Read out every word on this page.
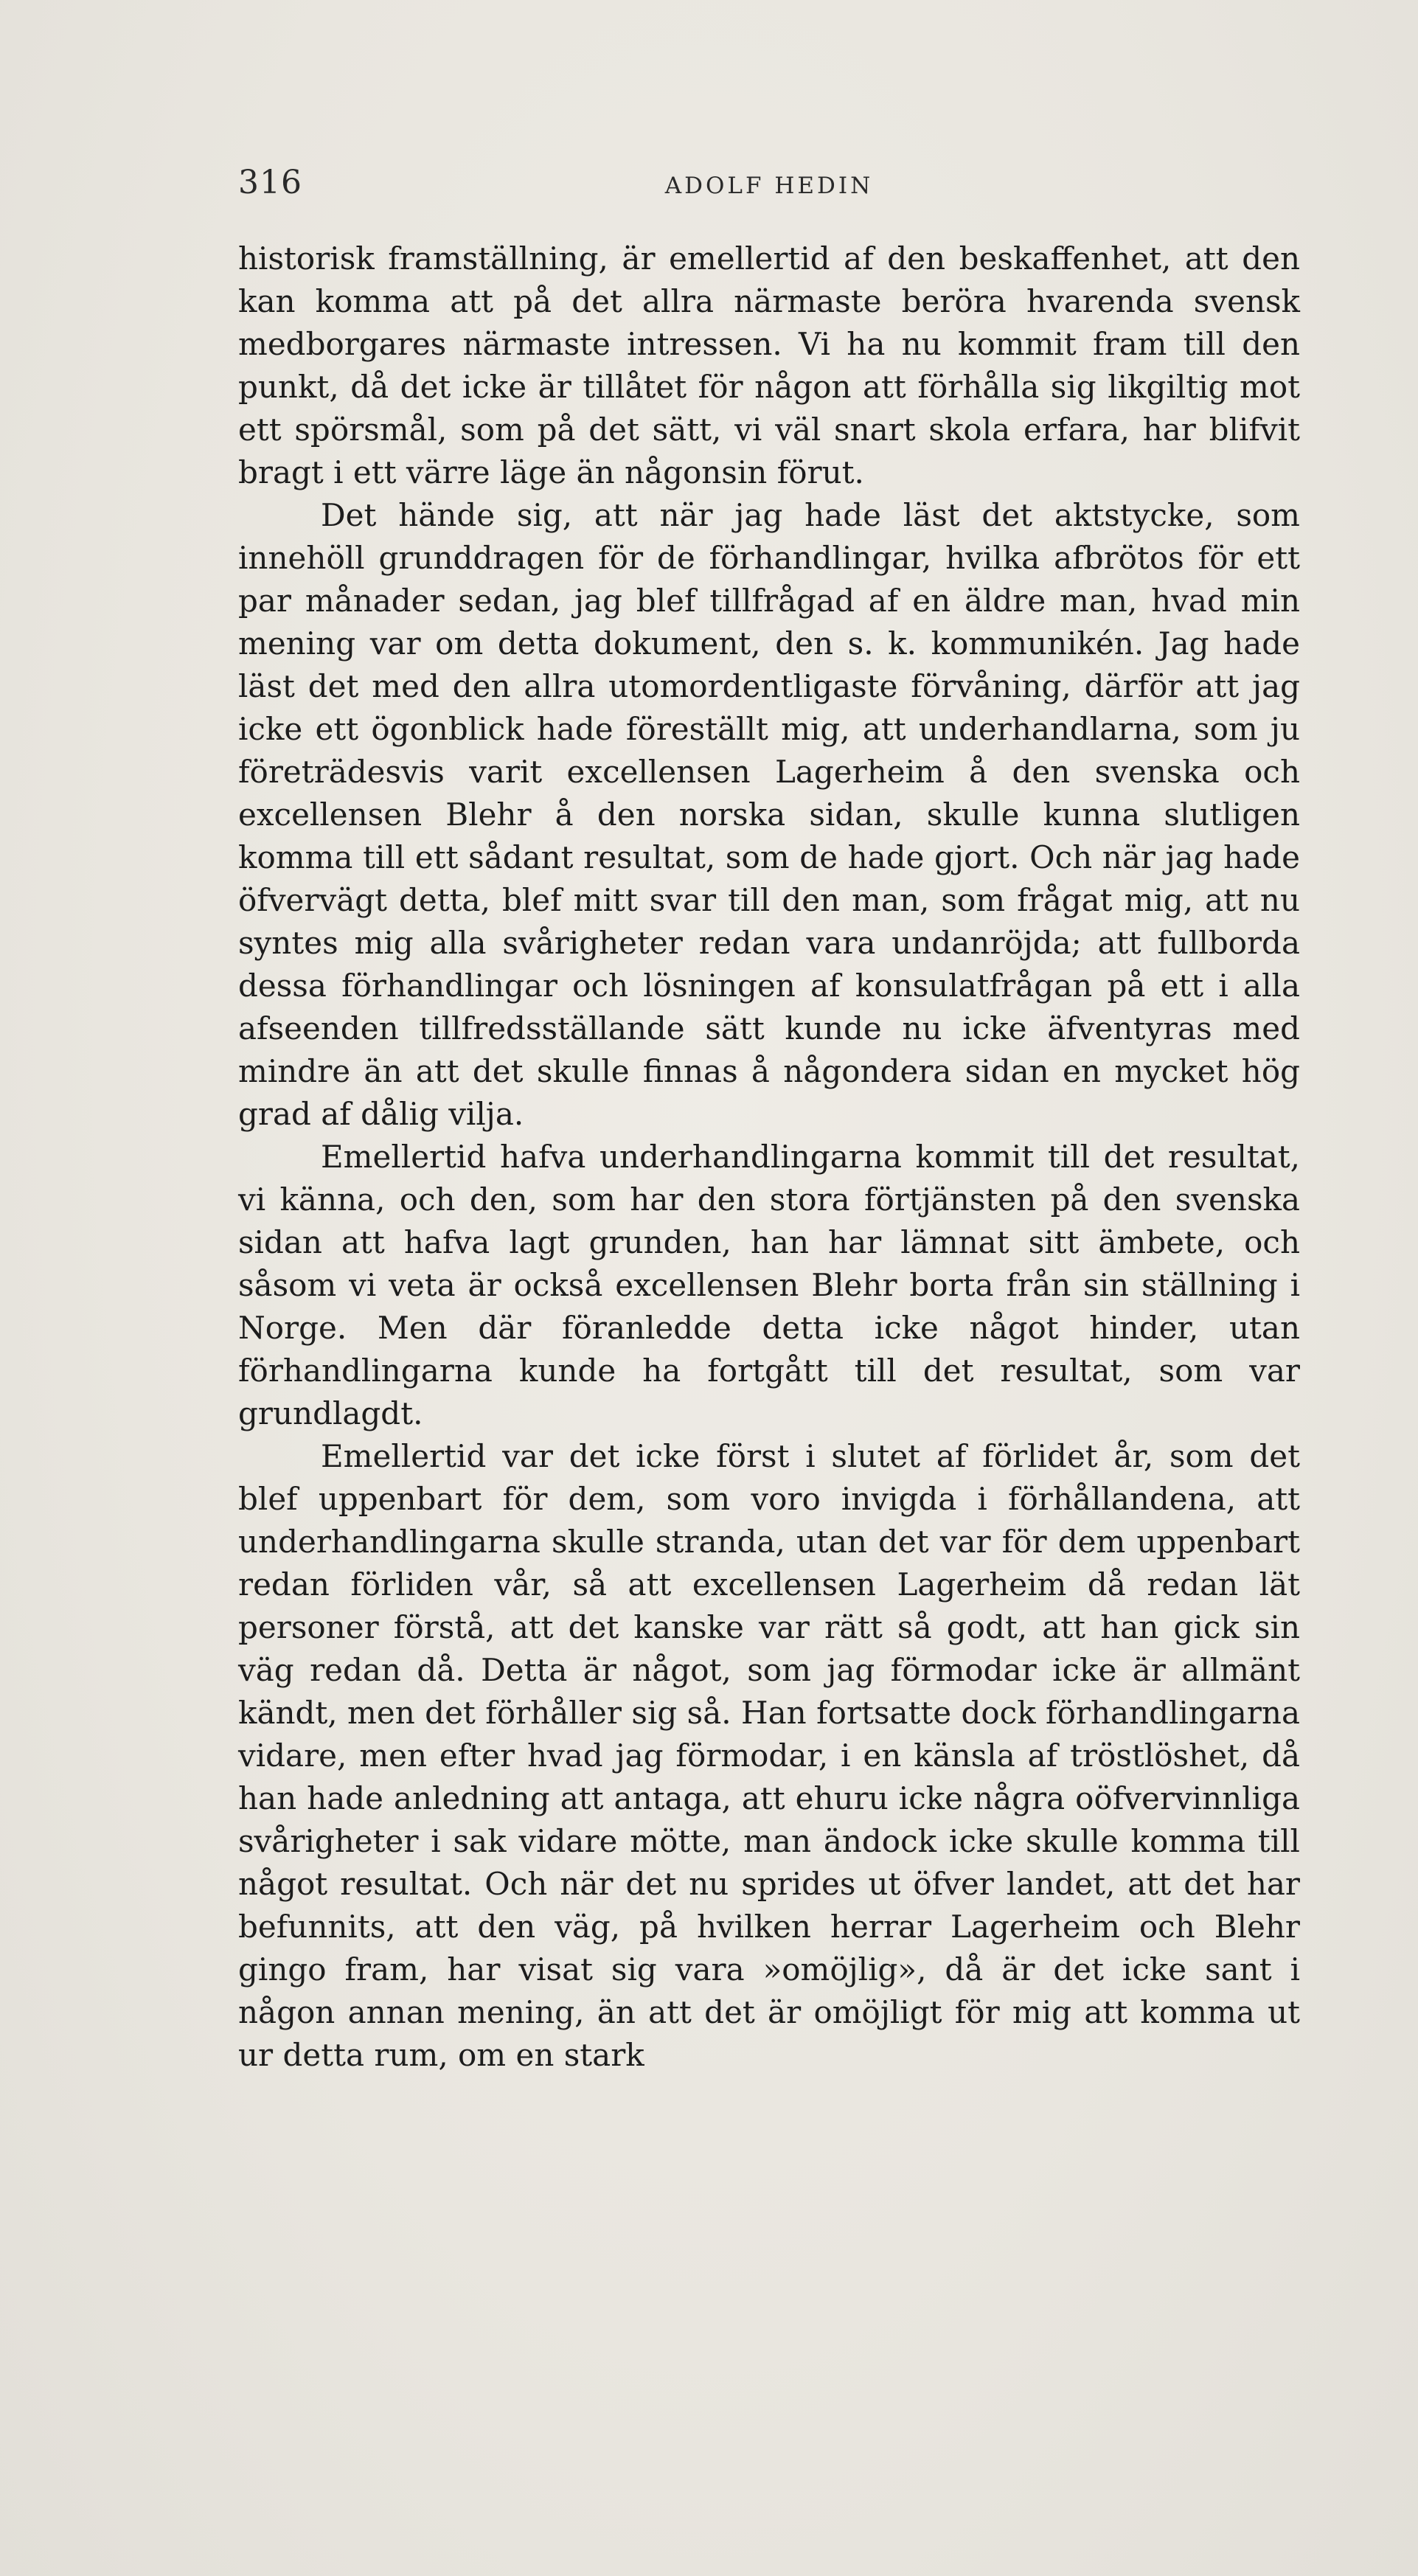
316	ADOLF HEDIN

historisk framställning, är emellertid af den beskaffenhet, att den kan komma att på det allra närmaste beröra hvarenda svensk medborgares närmaste intressen. Vi ha nu kommit fram till den punkt, då det icke är tillåtet för någon att förhålla sig likgiltig mot ett spörsmål, som på det sätt, vi väl snart skola erfara, har blifvit bragt i ett värre läge än någonsin förut.

Det hände sig, att när jag hade läst det aktstycke, som innehöll grunddragen för de förhandlingar, hvilka afbrötos för ett par månader sedan, jag blef tillfrågad af en äldre man, hvad min mening var om detta dokument, den s. k. kommunikén. Jag hade läst det med den allra utomordentligaste förvåning, därför att jag icke ett ögonblick hade föreställt mig, att underhandlarna, som ju företrädesvis varit excellensen Lagerheim å den svenska och excellensen Blehr å den norska sidan, skulle kunna slutligen komma till ett sådant resultat, som de hade gjort. Och när jag hade öfvervägt detta, blef mitt svar till den man, som frågat mig, att nu syntes mig alla svårigheter redan vara undanröjda; att fullborda dessa förhandlingar och lösningen af konsulatfrågan på ett i alla afseenden tillfredsställande sätt kunde nu icke äfventyras med mindre än att det skulle finnas å någondera sidan en mycket hög grad af dålig vilja.

Emellertid hafva underhandlingarna kommit till det resultat, vi känna, och den, som har den stora förtjänsten på den svenska sidan att hafva lagt grunden, han har lämnat sitt ämbete, och såsom vi veta är också excellensen Blehr borta från sin ställning i Norge. Men där föranledde detta icke något hinder, utan förhandlingarna kunde ha fortgått till det resultat, som var grundlagdt.

Emellertid var det icke först i slutet af förlidet år, som det blef uppenbart för dem, som voro invigda i förhållandena, att underhandlingarna skulle stranda, utan det var för dem uppenbart redan förliden vår, så att excellensen Lagerheim då redan lät personer förstå, att det kanske var rätt så godt, att han gick sin väg redan då. Detta är något, som jag förmodar icke är allmänt kändt, men det förhåller sig så. Han fortsatte dock förhandlingarna vidare, men efter hvad jag förmodar, i en känsla af tröstlöshet, då han hade anledning att antaga, att ehuru icke några oöfvervinnliga svårigheter i sak vidare mötte, man ändock icke skulle komma till något resultat. Och när det nu sprides ut öfver landet, att det har befunnits, att den väg, på hvilken herrar Lagerheim och Blehr gingo fram, har visat sig vara »omöjlig», då är det icke sant i någon annan mening, än att det är omöjligt för mig att komma ut ur detta rum, om en stark
